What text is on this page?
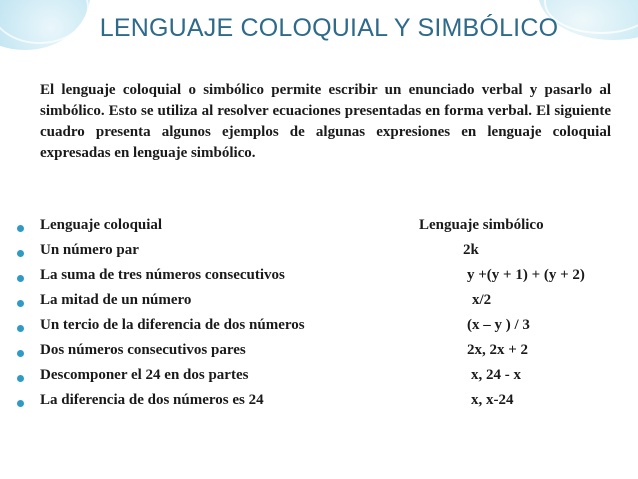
LENGUAJE COLOQUIAL Y SIMBÓLICO
El lenguaje coloquial o simbólico permite escribir un enunciado verbal y pasarlo al simbólico. Esto se utiliza al resolver ecuaciones presentadas en forma verbal. El siguiente cuadro presenta algunos ejemplos de algunas expresiones en lenguaje coloquial expresadas en lenguaje simbólico.
Lenguaje coloquial	Lenguaje simbólico
Un número par	2k
La suma de tres números consecutivos	y +(y + 1) + (y + 2)
La mitad de un número	x/2
Un tercio de la diferencia de dos números	(x – y ) / 3
Dos números consecutivos pares	2x, 2x + 2
Descomponer el 24 en dos partes	x, 24 - x
La diferencia de dos números es 24	x, x-24
